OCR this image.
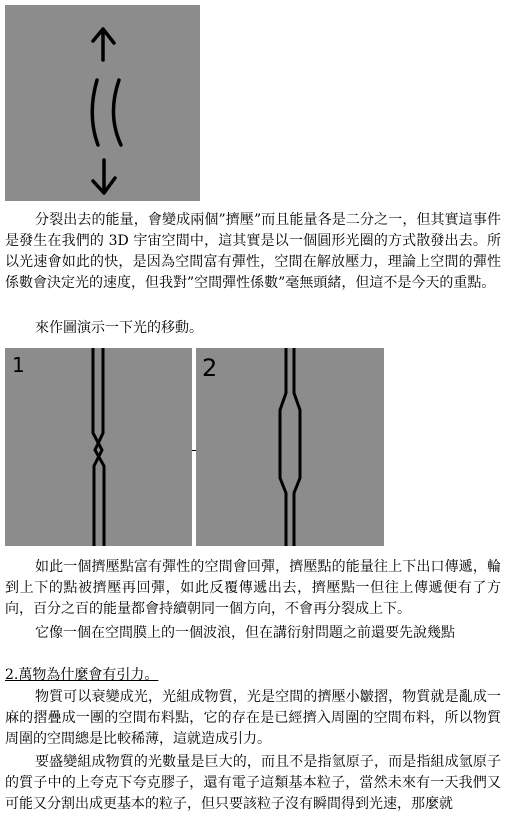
分裂出去的能量，會變成兩個”擠壓”而且能量各是二分之一，但其實這事件是發生在我們的 3D 宇宙空間中，這其實是以一個圓形光圈的方式散發出去。所以光速會如此的快，是因為空間富有彈性，空間在解放壓力，理論上空間的彈性係數會決定光的速度，但我對”空間彈性係數”毫無頭緒，但這不是今天的重點。

來作圖演示一下光的移動。

1	2

如此一個擠壓點富有彈性的空間會回彈，擠壓點的能量往上下出口傳遞，輪到上下的點被擠壓再回彈，如此反覆傳遞出去，擠壓點一但往上傳遞便有了方向，百分之百的能量都會持續朝同一個方向，不會再分裂成上下。

它像一個在空間膜上的一個波浪，但在講衍射問題之前還要先說幾點

2.萬物為什麼會有引力。

物質可以衰變成光，光組成物質，光是空間的擠壓小皺摺，物質就是亂成一麻的摺疊成一團的空間布料點，它的存在是已經擠入周圍的空間布料，所以物質周圍的空間總是比較稀薄，這就造成引力。

要盛變組成物質的光數量是巨大的，而且不是指氫原子，而是指組成氫原子的質子中的上夸克下夸克膠子，還有電子這類基本粒子，當然未來有一天我們又可能又分割出成更基本的粒子，但只要該粒子沒有瞬間得到光速，那麼就
